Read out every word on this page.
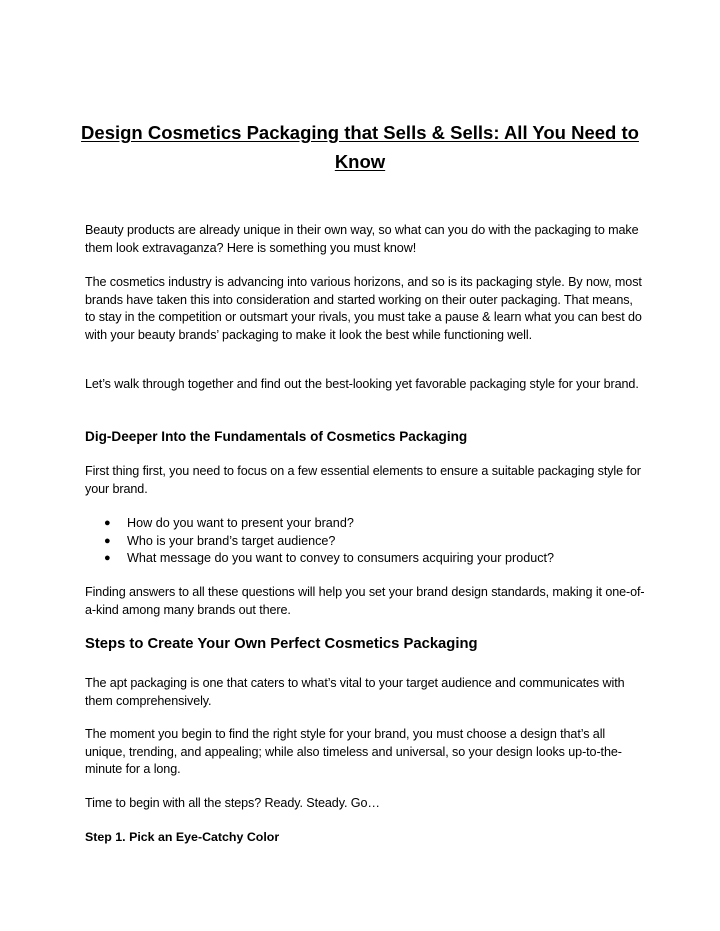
Design Cosmetics Packaging that Sells & Sells: All You Need to Know

Beauty products are already unique in their own way, so what can you do with the packaging to make them look extravaganza? Here is something you must know!

The cosmetics industry is advancing into various horizons, and so is its packaging style. By now, most brands have taken this into consideration and started working on their outer packaging. That means, to stay in the competition or outsmart your rivals, you must take a pause & learn what you can best do with your beauty brands’ packaging to make it look the best while functioning well.

Let’s walk through together and find out the best-looking yet favorable packaging style for your brand.

Dig-Deeper Into the Fundamentals of Cosmetics Packaging

First thing first, you need to focus on a few essential elements to ensure a suitable packaging style for your brand.

● How do you want to present your brand?
● Who is your brand’s target audience?
● What message do you want to convey to consumers acquiring your product?

Finding answers to all these questions will help you set your brand design standards, making it one-of-a-kind among many brands out there.

Steps to Create Your Own Perfect Cosmetics Packaging

The apt packaging is one that caters to what’s vital to your target audience and communicates with them comprehensively.

The moment you begin to find the right style for your brand, you must choose a design that’s all unique, trending, and appealing; while also timeless and universal, so your design looks up-to-the-minute for a long.

Time to begin with all the steps? Ready. Steady. Go…

Step 1. Pick an Eye-Catchy Color
